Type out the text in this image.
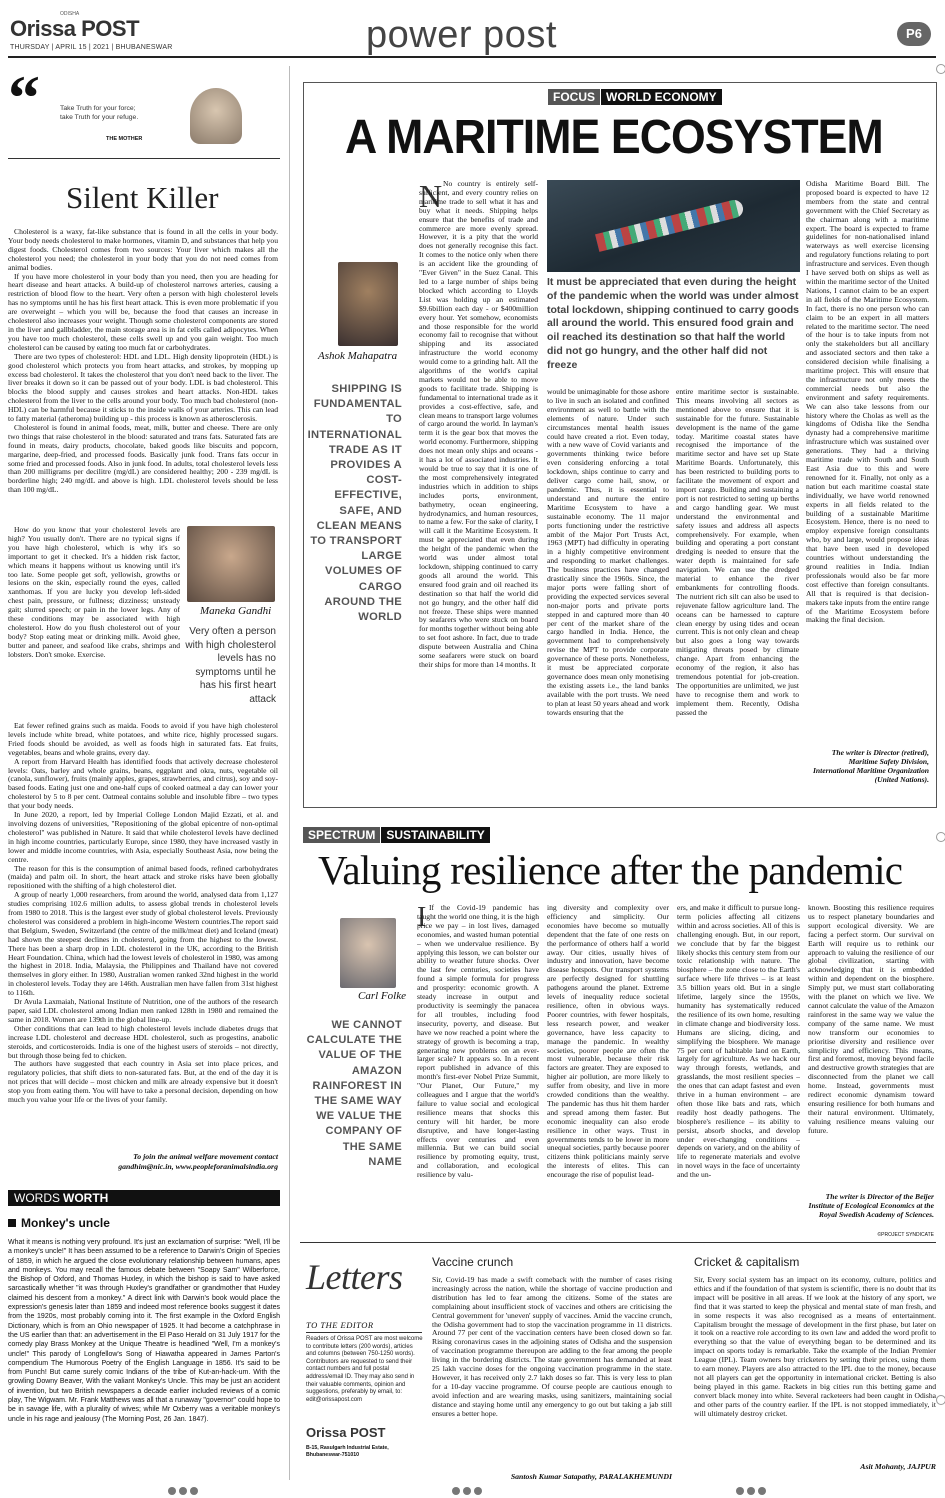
Orissa POST
ODISHA
THURSDAY | APRIL 15 | 2021 | BHUBANESWAR	power post	P6
“	Take Truth for your force; take Truth for your refuge.
THE MOTHER
Silent Killer

Cholesterol is a waxy, fat-like substance that is found in all the cells in your body. Your body needs cholesterol to make hormones, vitamin D, and substances that help you digest foods. Cholesterol comes from two sources: Your liver which makes all the cholesterol you need; the cholesterol in your body that you do not need comes from animal bodies.

If you have more cholesterol in your body than you need, then you are heading for heart disease and heart attacks. A build-up of cholesterol narrows arteries, causing a restriction of blood flow to the heart. Very often a person with high cholesterol levels has no symptoms until he has his first heart attack. This is even more problematic if you are overweight – which you will be, because the food that causes an increase in cholesterol also increases your weight. Though some cholesterol components are stored in the liver and gallbladder, the main storage area is in fat cells called adipocytes. When you have too much cholesterol, these cells swell up and you gain weight. Too much cholesterol can be caused by eating too much fat or carbohydrates.

There are two types of cholesterol: HDL and LDL. High density lipoprotein (HDL) is good cholesterol which protects you from heart attacks, and strokes, by mopping up excess bad cholesterol. It takes the cholesterol that you don't need back to the liver. The liver breaks it down so it can be passed out of your body. LDL is bad cholesterol. This blocks the blood supply and causes strokes and heart attacks. Non-HDL takes cholesterol from the liver to the cells around your body. Too much bad cholesterol (non-HDL) can be harmful because it sticks to the inside walls of your arteries. This can lead to fatty material (atheroma) building up - this process is known as atherosclerosis.

Cholesterol is found in animal foods, meat, milk, butter and cheese. There are only two things that raise cholesterol in the blood: saturated and trans fats. Saturated fats are found in meats, dairy products, chocolate, baked goods like biscuits and popcorn, margarine, deep-fried, and processed foods. Basically junk food. Trans fats occur in some fried and processed foods. Also in junk food. In adults, total cholesterol levels less than 200 milligrams per decilitre (mg/dL) are considered healthy; 200 - 239 mg/dL is borderline high; 240 mg/dL and above is high. LDL cholesterol levels should be less than 100 mg/dL.

How do you know that your cholesterol levels are high? You usually don't. There are no typical signs if you have high cholesterol, which is why it's so important to get it checked. It's a hidden risk factor, which means it happens without us knowing until it's too late. Some people get soft, yellowish, growths or lesions on the skin, especially round the eyes, called xanthomas. If you are lucky you develop left-sided chest pain, pressure, or fullness; dizziness; unsteady gait; slurred speech; or pain in the lower legs. Any of these conditions may be associated with high cholesterol. How do you flush cholesterol out of your body? Stop eating meat or drinking milk. Avoid ghee, butter and paneer, and seafood like crabs, shrimps and lobsters. Don't smoke. Exercise.

Maneka Gandhi
Very often a person with high cholesterol levels has no symptoms until he has his first heart attack

Eat fewer refined grains such as maida. Foods to avoid if you have high cholesterol levels include white bread, white potatoes, and white rice, highly processed sugars. Fried foods should be avoided, as well as foods high in saturated fats. Eat fruits, vegetables, beans and whole grains, every day.

A report from Harvard Health has identified foods that actively decrease cholesterol levels: Oats, barley and whole grains, beans, eggplant and okra, nuts, vegetable oil (canola, sunflower), fruits (mainly apples, grapes, strawberries, and citrus), soy and soy-based foods. Eating just one and one-half cups of cooked oatmeal a day can lower your cholesterol by 5 to 8 per cent. Oatmeal contains soluble and insoluble fibre – two types that your body needs.

In June 2020, a report, led by Imperial College London Majid Ezzati, et al. and involving dozens of universities, "Repositioning of the global epicentre of non-optimal cholesterol" was published in Nature. It said that while cholesterol levels have declined in high income countries, particularly Europe, since 1980, they have increased vastly in lower and middle income countries, with Asia, especially Southeast Asia, now being the centre.

The reason for this is the consumption of animal based foods, refined carbohydrates (maida) and palm oil. In short, the heart attack and stroke risks have been globally repositioned with the shifting of a high cholesterol diet.

A group of nearly 1,000 researchers, from around the world, analysed data from 1,127 studies comprising 102.6 million adults, to assess global trends in cholesterol levels from 1980 to 2018. This is the largest ever study of global cholesterol levels. Previously cholesterol was considered a problem in high-income Western countries.The report said that Belgium, Sweden, Switzerland (the centre of the milk/meat diet) and Iceland (meat) had shown the steepest declines in cholesterol, going from the highest to the lowest. There has been a sharp drop in LDL cholesterol in the UK, according to the British Heart Foundation. China, which had the lowest levels of cholesterol in 1980, was among the highest in 2018. India, Malaysia, the Philippines and Thailand have not covered themselves in glory either. In 1980, Australian women ranked 32nd highest in the world in cholesterol levels. Today they are 146th. Australian men have fallen from 31st highest to 116th.

Dr Avula Laxmaiah, National Institute of Nutrition, one of the authors of the research paper, said LDL cholesterol among Indian men ranked 128th in 1980 and remained the same in 2018. Women are 139th in the global line-up.

Other conditions that can lead to high cholesterol levels include diabetes drugs that increase LDL cholesterol and decrease HDL cholesterol, such as progestins, anabolic steroids, and corticosteroids. India is one of the highest users of steroids – not directly, but through those being fed to chicken.

The authors have suggested that each country in Asia set into place prices, and regulatory policies, that shift diets to non-saturated fats. But, at the end of the day it is not prices that will decide – most chicken and milk are already expensive but it doesn't stop you from eating them. You will have to take a personal decision, depending on how much you value your life or the lives of your family.

To join the animal welfare movement contact
gandhim@nic.in, www.peopleforanimalsindia.org
WORDS WORTH
Monkey's uncle
What it means is nothing very profound. It's just an exclamation of surprise: "Well, I'll be a monkey's uncle!" It has been assumed to be a reference to Darwin's Origin of Species of 1859, in which he argued the close evolutionary relationship between humans, apes and monkeys. You may recall the famous debate between "Soapy Sam" Wilberforce, the Bishop of Oxford, and Thomas Huxley, in which the bishop is said to have asked sarcastically whether "it was through Huxley's grandfather or grandmother that Huxley claimed his descent from a monkey." A direct link with Darwin's book would place the expression's genesis later than 1859 and indeed most reference books suggest it dates from the 1920s, most probably coming into it. The first example in the Oxford English Dictionary, which is from an Ohio newspaper of 1925. It had become a catchphrase in the US earlier than that: an advertisement in the El Paso Herald on 31 July 1917 for the comedy play Brass Monkey at the Unique Theatre is headlined "Well, I'm a monkey's uncle!" This parody of Longfellow's Song of Hiawatha appeared in James Parton's compendium The Humorous Poetry of the English Language in 1856. It's said to be from Punch! But came surely comic Indians of the tribe of Kut-an-hack-um. With the growling Downy Beaver, With the valiant Monkey's Uncle. This may be just an accident of invention, but two British newspapers a decade earlier included reviews of a comic play, The Wigwam. Mr. Frank Matthews was all that a runaway "governor" could hope to be in savage life, with a plurality of wives; while Mr Oxberry was a veritable monkey's uncle in his rage and jealousy (The Morning Post, 26 Jan. 1847).
FOCUS WORLD ECONOMY
A MARITIME ECOSYSTEM
Ashok Mahapatra
SHIPPING IS FUNDAMENTAL TO INTERNATIONAL TRADE AS IT PROVIDES A COST-EFFECTIVE, SAFE, AND CLEAN MEANS TO TRANSPORT LARGE VOLUMES OF CARGO AROUND THE WORLD
N No country is entirely self-sufficient, and every country relies on maritime trade to sell what it has and buy what it needs. Shipping helps ensure that the benefits of trade and commerce are more evenly spread. However, it is a pity that the world does not generally recognise this fact. It comes to the notice only when there is an accident like the grounding of "Ever Given" in the Suez Canal. This led to a large number of ships being blocked which according to Lloyds List was holding up an estimated $9.6billion each day - or $400million every hour. Yet somehow, economists and those responsible for the world economy fail to recognise that without shipping and its associated infrastructure the world economy would come to a grinding halt. All the algorithms of the world's capital markets would not be able to move goods to facilitate trade. Shipping is fundamental to international trade as it provides a cost-effective, safe, and clean means to transport large volumes of cargo around the world. In layman's term it is the gear box that moves the world economy. Furthermore, shipping does not mean only ships and oceans - it has a lot of associated industries. It would be true to say that it is one of the most comprehensively integrated industries which in addition to ships includes ports, environment, bathymetry, ocean engineering, hydrodynamics, and human resources, to name a few. For the sake of clarity, I will call it the Maritime Ecosystem. It must be appreciated that even during the height of the pandemic when the world was under almost total lockdown, shipping continued to carry goods all around the world. This ensured food grain and oil reached its destination so that half the world did not go hungry, and the other half did not freeze. These ships were manned by seafarers who were stuck on board for months together without being able to set foot ashore. In fact, due to trade dispute between Australia and China some seafarers were stuck on board their ships for more than 14 months. It
It must be appreciated that even during the height of the pandemic when the world was under almost total lockdown, shipping continued to carry goods all around the world. This ensured food grain and oil reached its destination so that half the world did not go hungry, and the other half did not freeze
would be unimaginable for those ashore to live in such an isolated and confined environment as well to battle with the elements of nature. Under such circumstances mental health issues could have created a riot. Even today, with a new wave of Covid variants and governments thinking twice before even considering enforcing a total lockdown, ships continue to carry and deliver cargo come hail, snow, or pandemic. Thus, it is essential to understand and nurture the entire Maritime Ecosystem to have a sustainable economy. The 11 major ports functioning under the restrictive ambit of the Major Port Trusts Act, 1963 (MPT) had difficulty in operating in a highly competitive environment and responding to market challenges. The business practices have changed drastically since the 1960s. Since, the major ports were falling short of providing the expected services several non-major ports and private ports stepped in and captured more than 40 per cent of the market share of the cargo handled in India. Hence, the government had to comprehensively revise the MPT to provide corporate governance of these ports. Nonetheless, it must be appreciated corporate governance does mean only monetising the existing assets i.e., the land banks available with the port trusts. We need to plan at least 50 years ahead and work towards ensuring that the
entire maritime sector is sustainable. This means involving all sectors as mentioned above to ensure that it is sustainable for the future. Sustainable development is the name of the game today. Maritime coastal states have recognised the importance of the maritime sector and have set up State Maritime Boards. Unfortunately, this has been restricted to building ports to facilitate the movement of export and import cargo. Building and sustaining a port is not restricted to setting up berths and cargo handling gear. We must understand the environmental and safety issues and address all aspects comprehensively. For example, when building and operating a port constant dredging is needed to ensure that the water depth is maintained for safe navigation. We can use the dredged material to enhance the river embankments for controlling floods. The nutrient rich silt can also be used to rejuvenate fallow agriculture land. The oceans can be harnessed to capture clean energy by using tides and ocean current. This is not only clean and cheap but also goes a long way towards mitigating threats posed by climate change. Apart from enhancing the economy of the region, it also has tremendous potential for job-creation. The opportunities are unlimited, we just have to recognise them and work to implement them. Recently, Odisha passed the
Odisha Maritime Board Bill. The proposed board is expected to have 12 members from the state and central government with the Chief Secretary as the chairman along with a maritime expert. The board is expected to frame guidelines for non-nationalised inland waterways as well exercise licensing and regulatory functions relating to port infrastructure and services. Even though I have served both on ships as well as within the maritime sector of the United Nations, I cannot claim to be an expert in all fields of the Maritime Ecosystem. In fact, there is no one person who can claim to be an expert in all matters related to the maritime sector. The need of the hour is to take inputs from not only the stakeholders but all ancillary and associated sectors and then take a considered decision while finalising a maritime project. This will ensure that the infrastructure not only meets the commercial needs but also the environment and safety requirements. We can also take lessons from our history where the Cholas as well as the kingdoms of Odisha like the Sendha dynasty had a comprehensive maritime infrastructure which was sustained over generations. They had a thriving maritime trade with South and South East Asia due to this and were renowned for it. Finally, not only as a nation but each maritime coastal state individually, we have world renowned experts in all fields related to the building of a sustainable Maritime Ecosystem. Hence, there is no need to employ expensive foreign consultants who, by and large, would propose ideas that have been used in developed countries without understanding the ground realities in India. Indian professionals would also be far more cost effective than foreign consultants. All that is required is that decision-makers take inputs from the entire range of the Maritime Ecosystem before making the final decision.
The writer is Director (retired), Maritime Safety Division, International Maritime Organization (United Nations).
SPECTRUM SUSTAINABILITY
Valuing resilience after the pandemic
Carl Folke
WE CANNOT CALCULATE THE VALUE OF THE AMAZON RAINFOREST IN THE SAME WAY WE VALUE THE COMPANY OF THE SAME NAME
I If the Covid-19 pandemic has taught the world one thing, it is the high price we pay – in lost lives, damaged economies, and wasted human potential – when we undervalue resilience. By applying this lesson, we can bolster our ability to weather future shocks. Over the last few centuries, societies have found a simple formula for progress and prosperity: economic growth. A steady increase in output and productivity is seemingly the panacea for all troubles, including food insecurity, poverty, and disease. But have we now reached a point where the strategy of growth is becoming a trap, generating new problems on an ever-larger scale? It appears so. In a recent report published in advance of this month's first-ever Nobel Prize Summit, "Our Planet, Our Future," my colleagues and I argue that the world's failure to value social and ecological resilience means that shocks this century will hit harder, be more disruptive, and have longer-lasting effects over centuries and even millennia. But we can build social resilience by promoting equity, trust, and collaboration, and ecological resilience by valu-
ing diversity and complexity over efficiency and simplicity. Our economies have become so mutually dependent that the fate of one rests on the performance of others half a world away. Our cities, usually hives of industry and innovation, have become disease hotspots. Our transport systems are perfectly designed for shuttling pathogens around the planet. Extreme levels of inequality reduce societal resilience, often in obvious ways. Poorer countries, with fewer hospitals, less research power, and weaker governance, have less capacity to manage the pandemic. In wealthy societies, poorer people are often the most vulnerable, because their risk factors are greater. They are exposed to higher air pollution, are more likely to suffer from obesity, and live in more crowded conditions than the wealthy. The pandemic has thus hit them harder and spread among them faster. But economic inequality can also erode resilience in other ways. Trust in governments tends to be lower in more unequal societies, partly because poorer citizens think politicians mainly serve the interests of elites. This can encourage the rise of populist lead-
ers, and make it difficult to pursue long-term policies affecting all citizens within and across societies. All of this is challenging enough. But, in our report, we conclude that by far the biggest likely shocks this century stem from our toxic relationship with nature. The biosphere – the zone close to the Earth's surface where life thrives – is at least 3.5 billion years old. But in a single lifetime, largely since the 1950s, humanity has systematically reduced the resilience of its own home, resulting in climate change and biodiversity loss. Humans are slicing, dicing, and simplifying the biosphere. We manage 75 per cent of habitable land on Earth, largely for agriculture. As we hack our way through forests, wetlands, and grasslands, the most resilient species – the ones that can adapt fastest and even thrive in a human environment – are often those like bats and rats, which readily host deadly pathogens. The biosphere's resilience – its ability to persist, absorb shocks, and develop under ever-changing conditions – depends on variety, and on the ability of life to regenerate materials and evolve in novel ways in the face of uncertainty and the un-
known. Boosting this resilience requires us to respect planetary boundaries and support ecological diversity. We are facing a perfect storm. Our survival on Earth will require us to rethink our approach to valuing the resilience of our global civilization, starting with acknowledging that it is embedded within and dependent on the biosphere. Simply put, we must start collaborating with the planet on which we live. We cannot calculate the value of the Amazon rainforest in the same way we value the company of the same name. We must now transform our economies to prioritise diversity and resilience over simplicity and efficiency. This means, first and foremost, moving beyond facile and destructive growth strategies that are disconnected from the planet we call home. Instead, governments must redirect economic dynamism toward ensuring resilience for both humans and their natural environment. Ultimately, valuing resilience means valuing our future.
The writer is Director of the Beijer Institute of Ecological Economics at the Royal Swedish Academy of Sciences.
©PROJECT SYNDICATE
Letters
TO THE EDITOR
Readers of Orissa POST are most welcome to contribute letters (200 words), articles and columns (between 750-1250 words). Contributors are requested to send their contact numbers and full postal address/email ID. They may also send in their valuable comments, opinion and suggestions, preferably by email, to: edit@orissapost.com
Orissa POST
B-15, Rasulgarh Industrial Estate, Bhubaneswar-751010
Vaccine crunch
Sir, Covid-19 has made a swift comeback with the number of cases rising increasingly across the nation, while the shortage of vaccine production and distribution has led to fear among the citizens. Some of the states are complaining about insufficient stock of vaccines and others are criticising the Central government for 'uneven' supply of vaccines. Amid the vaccine crunch, the Odisha government had to stop the vaccination programme in 11 districts. Around 77 per cent of the vaccination centers have been closed down so far. Rising coronavirus cases in the adjoining states of Odisha and the suspension of vaccination programme thereupon are adding to the fear among the people living in the bordering districts. The state government has demanded at least 25 lakh vaccine doses for the ongoing vaccination programme in the state. However, it has received only 2.7 lakh doses so far. This is very less to plan for a 10-day vaccine programme. Of course people are cautious enough to avoid infection and are wearing masks, using sanitizers, maintaining social distance and staying home until any emergency to go out but taking a jab still ensures a better hope.
Santosh Kumar Satapathy, PARALAKHEMUNDI
Cricket & capitalism
Sir, Every social system has an impact on its economy, culture, politics and ethics and if the foundation of that system is scientific, there is no doubt that its impact will be positive in all areas. If we look at the history of any sport, we find that it was started to keep the physical and mental state of man fresh, and in some respects it was also recognised as a means of entertainment. Capitalism brought the message of development in the first phase, but later on it took on a reactive role according to its own law and added the word profit to everything so that the value of everything began to be determined and its impact on sports today is remarkable. Take the example of the Indian Premier League (IPL). Team owners buy cricketers by setting their prices, using them to earn money. Players are also attracted to the IPL due to the money, because not all players can get the opportunity in international cricket. Betting is also being played in this game. Rackets in big cities run this betting game and convert black money into white. Several racketeers had been caught in Odisha and other parts of the country earlier. If the IPL is not stopped immediately, it will ultimately destroy cricket.
Asit Mohanty, JAJPUR
